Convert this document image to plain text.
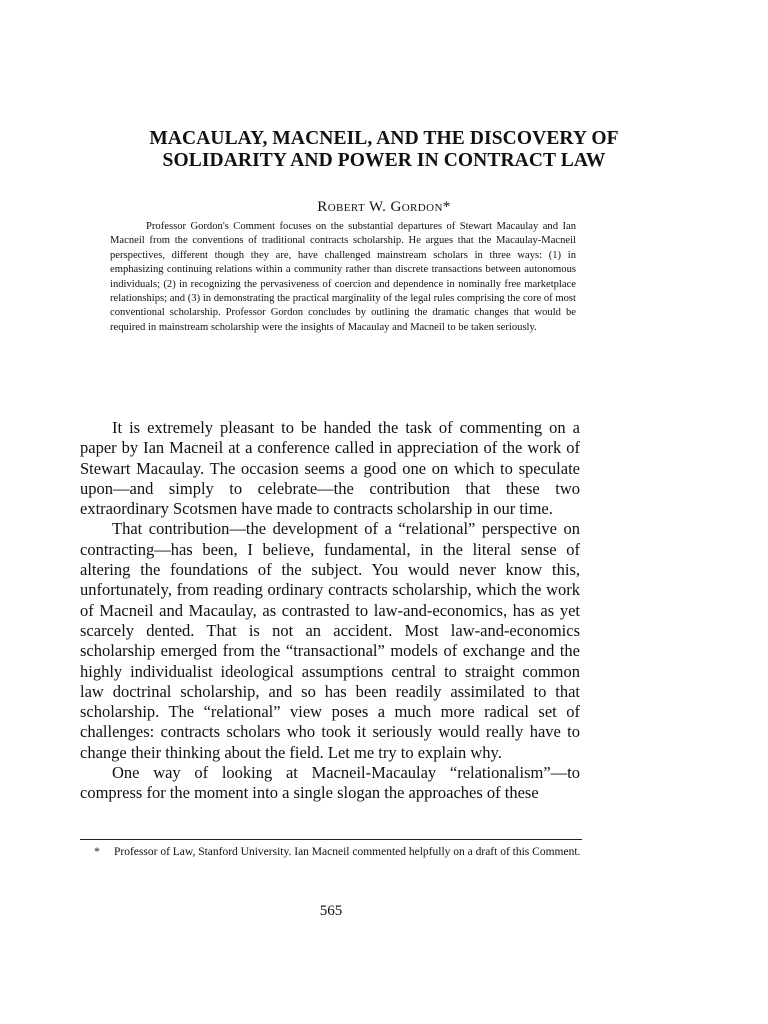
MACAULAY, MACNEIL, AND THE DISCOVERY OF
SOLIDARITY AND POWER IN CONTRACT LAW
Robert W. Gordon*

Professor Gordon's Comment focuses on the substantial departures of Stewart Macaulay and Ian Macneil from the conventions of traditional contracts scholarship. He argues that the Macaulay-Macneil perspectives, different though they are, have challenged mainstream scholars in three ways: (1) in emphasizing continuing relations within a community rather than discrete transactions between autonomous individuals; (2) in recognizing the pervasiveness of coercion and dependence in nominally free marketplace relationships; and (3) in demonstrating the practical marginality of the legal rules comprising the core of most conventional scholarship. Professor Gordon concludes by outlining the dramatic changes that would be required in mainstream scholarship were the insights of Macaulay and Macneil to be taken seriously.

It is extremely pleasant to be handed the task of commenting on a paper by Ian Macneil at a conference called in appreciation of the work of Stewart Macaulay. The occasion seems a good one on which to speculate upon—and simply to celebrate—the contribution that these two extraordinary Scotsmen have made to contracts scholarship in our time.

That contribution—the development of a “relational” perspective on contracting—has been, I believe, fundamental, in the literal sense of altering the foundations of the subject. You would never know this, unfortunately, from reading ordinary contracts scholarship, which the work of Macneil and Macaulay, as contrasted to law-and-economics, has as yet scarcely dented. That is not an accident. Most law-and-economics scholarship emerged from the “transactional” models of exchange and the highly individualist ideological assumptions central to straight common law doctrinal scholarship, and so has been readily assimilated to that scholarship. The “relational” view poses a much more radical set of challenges: contracts scholars who took it seriously would really have to change their thinking about the field. Let me try to explain why.

One way of looking at Macneil-Macaulay “relationalism”—to compress for the moment into a single slogan the approaches of these

* Professor of Law, Stanford University. Ian Macneil commented helpfully on a draft of this Comment.

565
